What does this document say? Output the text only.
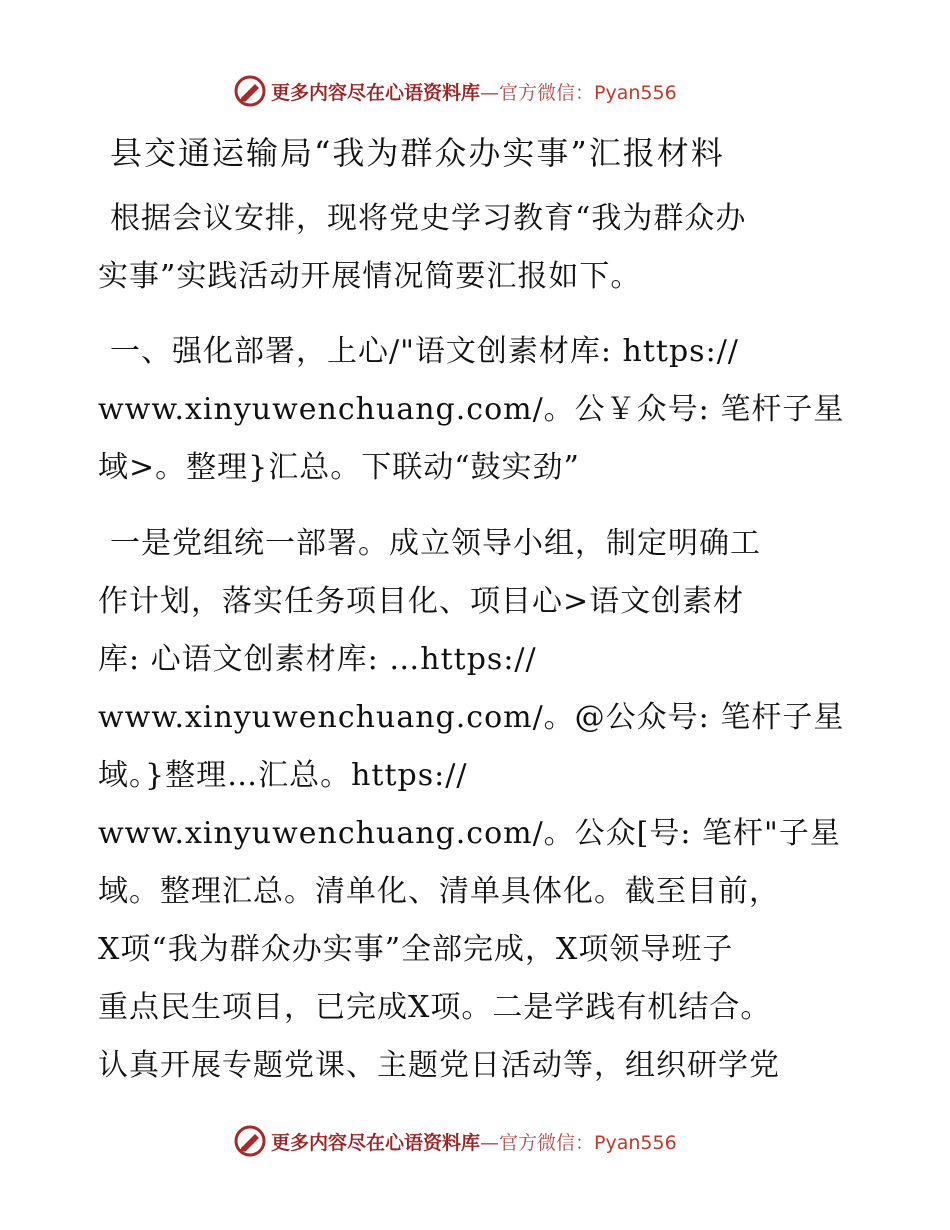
更多内容尽在心语资料库—官方微信：Pyan556
县交通运输局“我为群众办实事”汇报材料
根据会议安排，现将党史学习教育“我为群众办
实事”实践活动开展情况简要汇报如下。
一、强化部署，上心/"语文创素材库: https://
www.xinyuwenchuang.com/。公￥众号: 笔杆子星
域>。整理}汇总。下联动“鼓实劲”
一是党组统一部署。成立领导小组，制定明确工
作计划，落实任务项目化、项目心>语文创素材
库: 心语文创素材库: …https://
www.xinyuwenchuang.com/。@公众号: 笔杆子星
域。}整理…汇总。https://
www.xinyuwenchuang.com/。公众[号: 笔杆"子星
域。整理汇总。清单化、清单具体化。截至目前，
X项“我为群众办实事”全部完成，X项领导班子
重点民生项目，已完成X项。二是学践有机结合。
认真开展专题党课、主题党日活动等，组织研学党
更多内容尽在心语资料库—官方微信：Pyan556
